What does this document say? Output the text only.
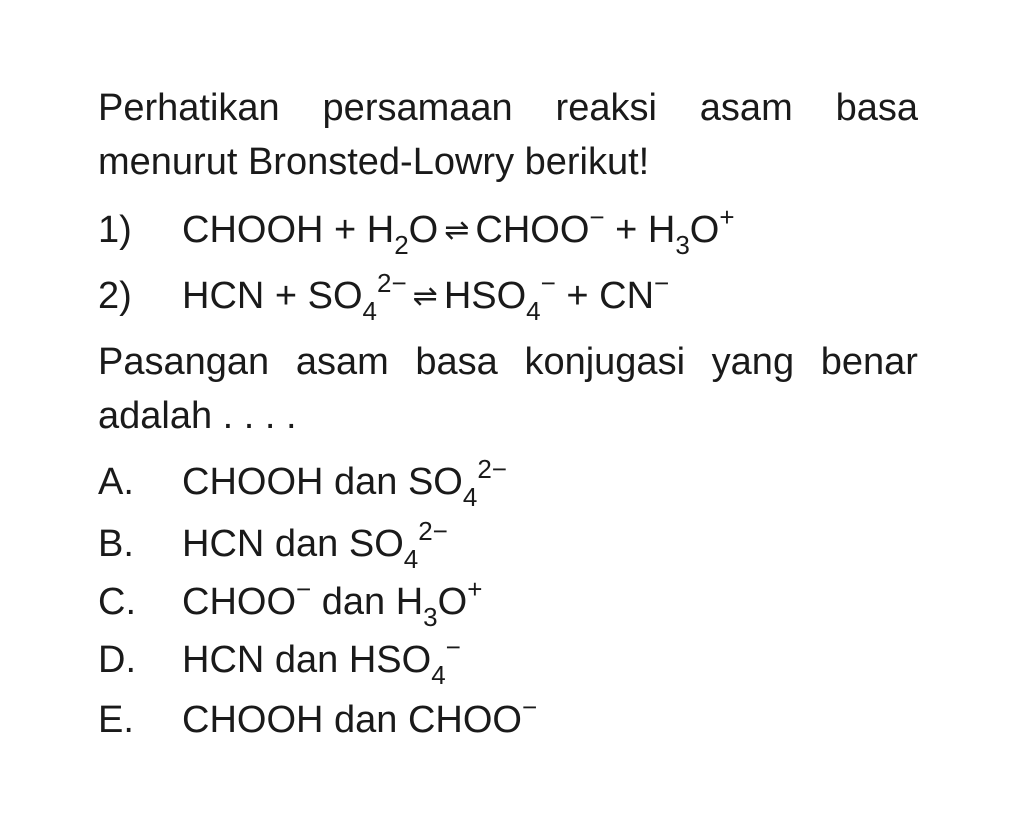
Perhatikan persamaan reaksi asam basa
menurut Bronsted-Lowry berikut!
1) CHOOH + $H_2O$ ⇌ CHOO− + $H_3O^+$
2) HCN + $SO_4^{2-}$ ⇌ $HSO_4^- + CN^-$
Pasangan asam basa konjugasi yang benar
adalah . . . .
A. CHOOH dan $SO_4^{2-}$
B. HCN dan $SO_4^{2-}$
C. CHOO− dan $H_3O^+$
D. HCN dan $HSO_4^-$
E. CHOOH dan CHOO−
